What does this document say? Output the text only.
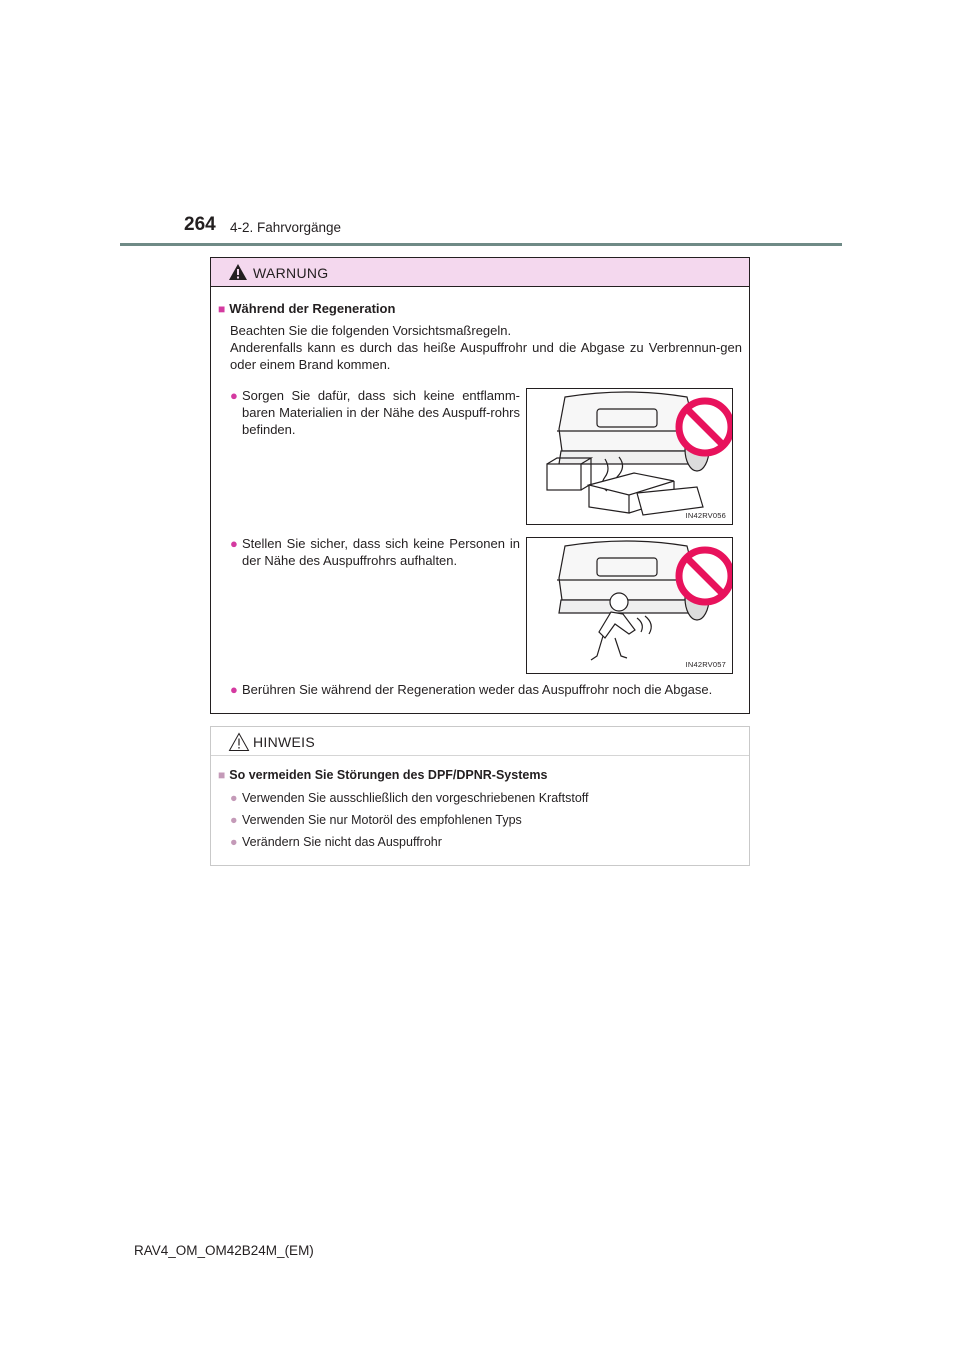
264 4-2. Fahrvorgänge
WARNUNG
■ Während der Regeneration

Beachten Sie die folgenden Vorsichtsmaßregeln.

Anderenfalls kann es durch das heiße Auspuffrohr und die Abgase zu Verbrennun-gen oder einem Brand kommen.

● Sorgen Sie dafür, dass sich keine entflamm-baren Materialien in der Nähe des Auspuff-rohrs befinden.
IN42RV056
● Stellen Sie sicher, dass sich keine Personen in der Nähe des Auspuffrohrs aufhalten.
IN42RV057
● Berühren Sie während der Regeneration weder das Auspuffrohr noch die Abgase.
HINWEIS
■ So vermeiden Sie Störungen des DPF/DPNR-Systems
● Verwenden Sie ausschließlich den vorgeschriebenen Kraftstoff
● Verwenden Sie nur Motoröl des empfohlenen Typs
● Verändern Sie nicht das Auspuffrohr
RAV4_OM_OM42B24M_(EM)
